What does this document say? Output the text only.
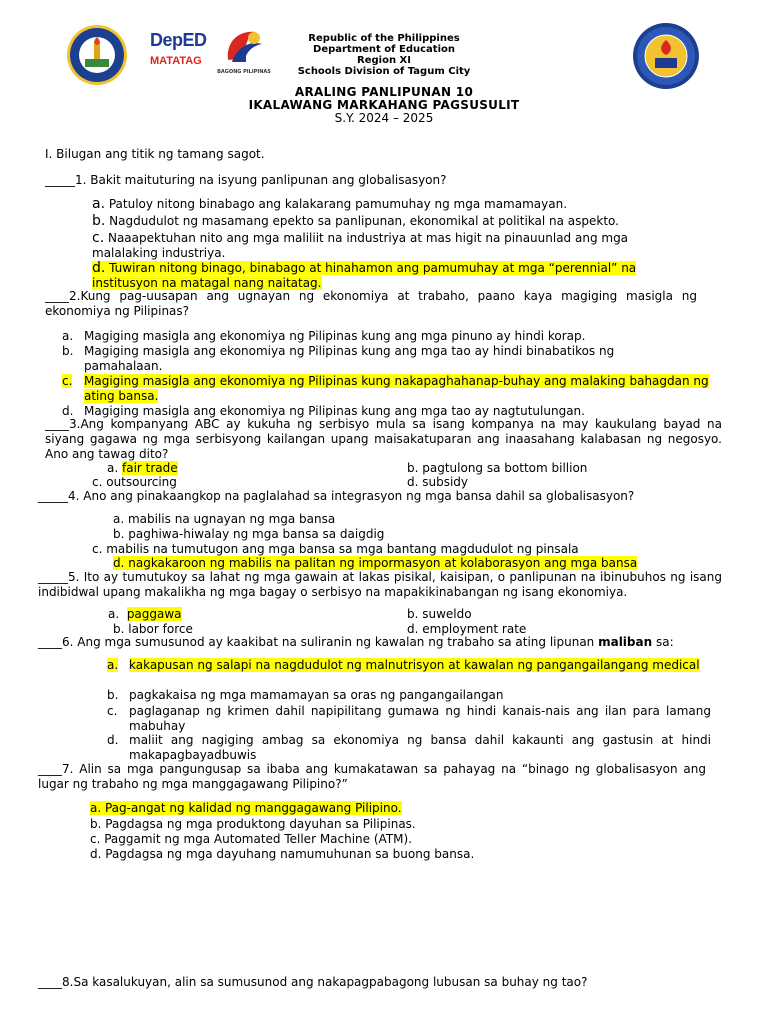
DepED
MATATAG
BAGONG PILIPINAS
Republic of the Philippines
Department of Education
Region XI
Schools Division of Tagum City
ARALING PANLIPUNAN 10
IKALAWANG MARKAHANG PAGSUSULIT
S.Y. 2024 – 2025
I. Bilugan ang titik ng tamang sagot.
_____1. Bakit maituturing na isyung panlipunan ang globalisasyon?
a. Patuloy nitong binabago ang kalakarang pamumuhay ng mga mamamayan.
b. Nagdudulot ng masamang epekto sa panlipunan, ekonomikal at politikal na aspekto.
c. Naaapektuhan nito ang mga maliliit na industriya at mas higit na pinauunlad ang mga malalaking industriya.
d. Tuwiran nitong binago, binabago at hinahamon ang pamumuhay at mga “perennial” na institusyon na matagal nang naitatag.
____2.Kung pag-uusapan ang ugnayan ng ekonomiya at trabaho, paano kaya magiging masigla ng ekonomiya ng Pilipinas?
a. Magiging masigla ang ekonomiya ng Pilipinas kung ang mga pinuno ay hindi korap.
b. Magiging masigla ang ekonomiya ng Pilipinas kung ang mga tao ay hindi binabatikos ng pamahalaan.
c. Magiging masigla ang ekonomiya ng Pilipinas kung nakapaghahanap-buhay ang malaking bahagdan ng ating bansa.
d. Magiging masigla ang ekonomiya ng Pilipinas kung ang mga tao ay nagtutulungan.
____3.Ang kompanyang ABC ay kukuha ng serbisyo mula sa isang kompanya na may kaukulang bayad na siyang gagawa ng mga serbisyong kailangan upang maisakatuparan ang inaasahang kalabasan ng negosyo. Ano ang tawag dito?
a. fair trade	b. pagtulong sa bottom billion
c. outsourcing	d. subsidy
_____4. Ano ang pinakaangkop na paglalahad sa integrasyon ng mga bansa dahil sa globalisasyon?
a. mabilis na ugnayan ng mga bansa
b. paghiwa-hiwalay ng mga bansa sa daigdig
c. mabilis na tumutugon ang mga bansa sa mga bantang magdudulot ng pinsala
d. nagkakaroon ng mabilis na palitan ng impormasyon at kolaborasyon ang mga bansa
_____5. Ito ay tumutukoy sa lahat ng mga gawain at lakas pisikal, kaisipan, o panlipunan na ibinubuhos ng isang indibidwal upang makalikha ng mga bagay o serbisyo na mapakikinabangan ng isang ekonomiya.
a. paggawa	b. suweldo
b. labor force	d. employment rate
____6. Ang mga sumusunod ay kaakibat na suliranin ng kawalan ng trabaho sa ating lipunan maliban sa:
a. kakapusan ng salapi na nagdudulot ng malnutrisyon at kawalan ng pangangailangang medical
b. pagkakaisa ng mga mamamayan sa oras ng pangangailangan
c. paglaganap ng krimen dahil napipilitang gumawa ng hindi kanais-nais ang ilan para lamang mabuhay
d. maliit ang nagiging ambag sa ekonomiya ng bansa dahil kakaunti ang gastusin at hindi makapagbayadbuwis
____7. Alin sa mga pangungusap sa ibaba ang kumakatawan sa pahayag na “binago ng globalisasyon ang lugar ng trabaho ng mga manggagawang Pilipino?”
a. Pag-angat ng kalidad ng manggagawang Pilipino.
b. Pagdagsa ng mga produktong dayuhan sa Pilipinas.
c. Paggamit ng mga Automated Teller Machine (ATM).
d. Pagdagsa ng mga dayuhang namumuhunan sa buong bansa.
____8.Sa kasalukuyan, alin sa sumusunod ang nakapagpabagong lubusan sa buhay ng tao?
